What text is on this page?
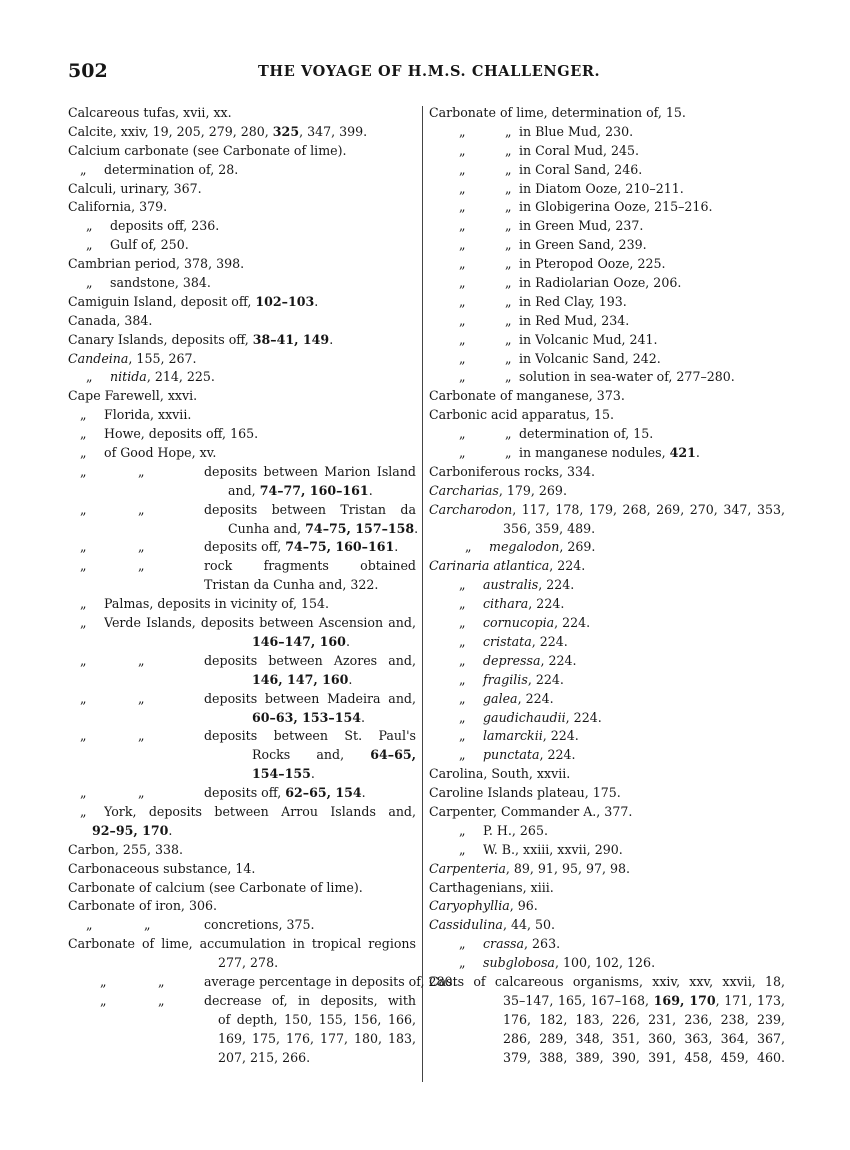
502	THE VOYAGE OF H.M.S. CHALLENGER.
Calcareous tufas, xvii, xx.
Calcite, xxiv, 19, 205, 279, 280, 325, 347, 399.
Calcium carbonate (see Carbonate of lime).
„ determination of, 28.
Calculi, urinary, 367.
California, 379.
„ deposits off, 236.
„ Gulf of, 250.
Cambrian period, 378, 398.
„ sandstone, 384.
Camiguin Island, deposit off, 102–103.
Canada, 384.
Canary Islands, deposits off, 38–41, 149.
Candeina, 155, 267.
„ nitida, 214, 225.
Cape Farewell, xxvi.
„ Florida, xxvii.
„ Howe, deposits off, 165.
„ of Good Hope, xv.
„	„	deposits between Marion Island
and, 74–77, 160–161.
„	„	deposits between Tristan da
Cunha and, 74–75, 157–158.
„	„	deposits off, 74–75, 160–161.
„	„	rock fragments obtained
Tristan da Cunha and, 322.
„ Palmas, deposits in vicinity of, 154.
„ Verde Islands, deposits between Ascension and,
146–147, 160.
„	„	deposits between Azores and,
146, 147, 160.
„	„	deposits between Madeira and,
60–63, 153–154.
„	„	deposits between St. Paul's
Rocks and, 64–65,
154–155.
„	„	deposits off, 62–65, 154.
„ York, deposits between Arrou Islands and,
92–95, 170.
Carbon, 255, 338.
Carbonaceous substance, 14.
Carbonate of calcium (see Carbonate of lime).
Carbonate of iron, 306.
„	„	concretions, 375.
Carbonate of lime, accumulation in tropical regions
277, 278.
„	„	average percentage in deposits of, 280.
„	„	decrease of, in deposits, with
of depth, 150, 155, 156, 166,
169, 175, 176, 177, 180, 183,
207, 215, 266.
Carbonate of lime, determination of, 15.
„	„ in Blue Mud, 230.
„	„ in Coral Mud, 245.
„	„ in Coral Sand, 246.
„	„ in Diatom Ooze, 210–211.
„	„ in Globigerina Ooze, 215–216.
„	„ in Green Mud, 237.
„	„ in Green Sand, 239.
„	„ in Pteropod Ooze, 225.
„	„ in Radiolarian Ooze, 206.
„	„ in Red Clay, 193.
„	„ in Red Mud, 234.
„	„ in Volcanic Mud, 241.
„	„ in Volcanic Sand, 242.
„	„ solution in sea-water of, 277–280.
Carbonate of manganese, 373.
Carbonic acid apparatus, 15.
„	„ determination of, 15.
„	„ in manganese nodules, 421.
Carboniferous rocks, 334.
Carcharias, 179, 269.
Carcharodon, 117, 178, 179, 268, 269, 270, 347, 353,
356, 359, 489.
„ megalodon, 269.
Carinaria atlantica, 224.
„ australis, 224.
„ cithara, 224.
„ cornucopia, 224.
„ cristata, 224.
„ depressa, 224.
„ fragilis, 224.
„ galea, 224.
„ gaudichaudii, 224.
„ lamarckii, 224.
„ punctata, 224.
Carolina, South, xxvii.
Caroline Islands plateau, 175.
Carpenter, Commander A., 377.
„ P. H., 265.
„ W. B., xxiii, xxvii, 290.
Carpenteria, 89, 91, 95, 97, 98.
Carthagenians, xiii.
Caryophyllia, 96.
Cassidulina, 44, 50.
„ crassa, 263.
„ subglobosa, 100, 102, 126.
Casts of calcareous organisms, xxiv, xxv, xxvii, 18,
35–147, 165, 167–168, 169, 170, 171, 173,
176, 182, 183, 226, 231, 236, 238, 239,
286, 289, 348, 351, 360, 363, 364, 367,
379, 388, 389, 390, 391, 458, 459, 460.
